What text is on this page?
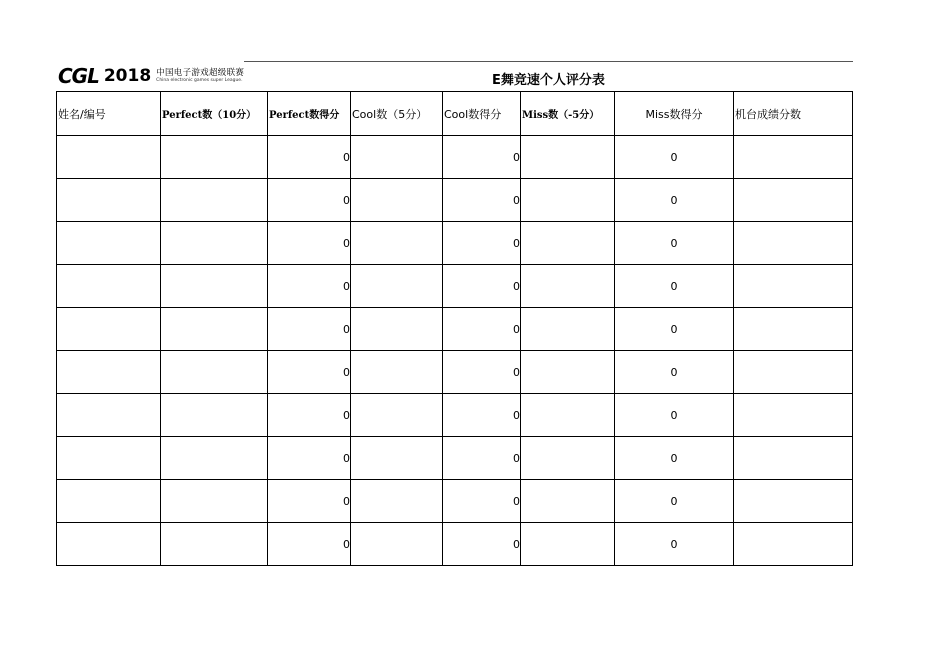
CGL 2018 中国电子游戏超级联赛
China electronic games super League.	E舞竞速个人评分表
姓名/编号	Perfect数（10分）	Perfect数得分	Cool数（5分）	Cool数得分	Miss数（-5分）	Miss数得分	机台成绩分数
		0		0		0	
		0		0		0	
		0		0		0	
		0		0		0	
		0		0		0	
		0		0		0	
		0		0		0	
		0		0		0	
		0		0		0	
		0		0		0	
